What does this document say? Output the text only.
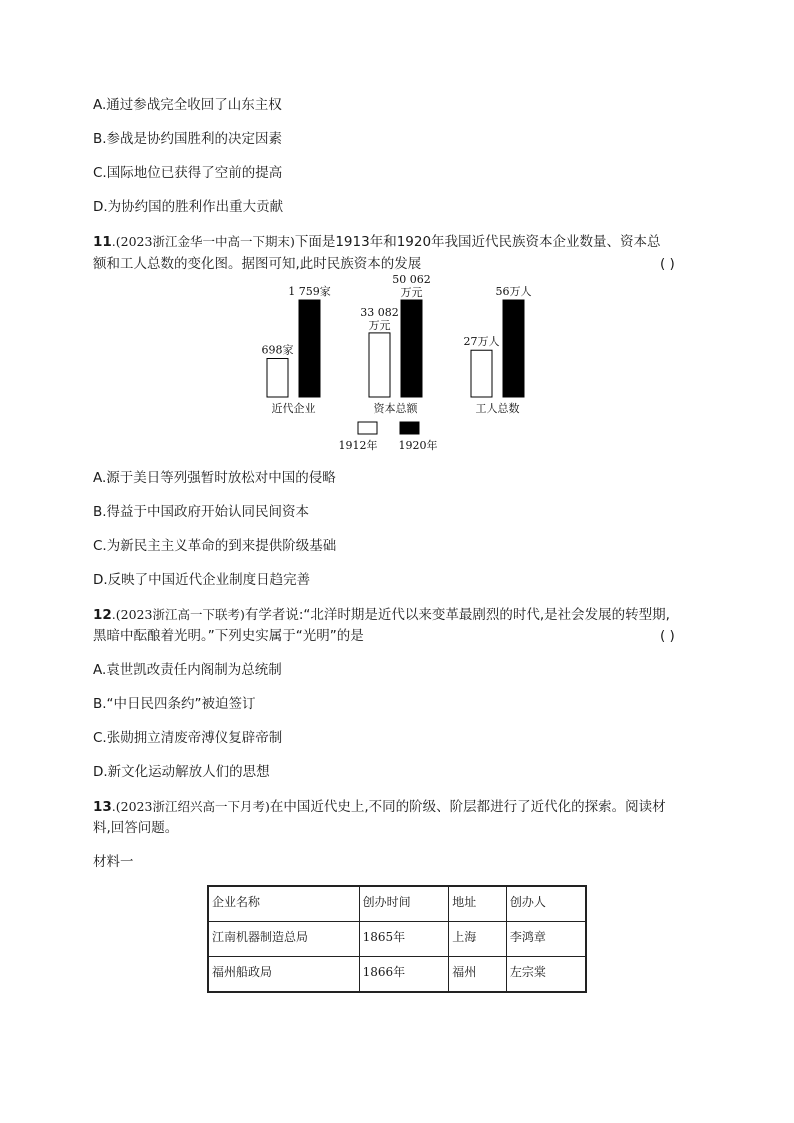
A.通过参战完全收回了山东主权
B.参战是协约国胜利的决定因素
C.国际地位已获得了空前的提高
D.为协约国的胜利作出重大贡献
11.(2023浙江金华一中高一下期末)下面是1913年和1920年我国近代民族资本企业数量、资本总
额和工人总数的变化图。据图可知,此时民族资本的发展	( )
698家
1 759家
近代企业
33 082
万元
50 062
万元
资本总额
27万人
56万人
工人总数
1912年 1920年
A.源于美日等列强暂时放松对中国的侵略
B.得益于中国政府开始认同民间资本
C.为新民主主义革命的到来提供阶级基础
D.反映了中国近代企业制度日趋完善
12.(2023浙江高一下联考)有学者说:“北洋时期是近代以来变革最剧烈的时代,是社会发展的转型期,
黑暗中酝酿着光明。”下列史实属于“光明”的是	( )
A.袁世凯改责任内阁制为总统制
B.“中日民四条约”被迫签订
C.张勋拥立清废帝溥仪复辟帝制
D.新文化运动解放人们的思想
13.(2023浙江绍兴高一下月考)在中国近代史上,不同的阶级、阶层都进行了近代化的探索。阅读材
料,回答问题。
材料一
企业名称	创办时间	地址	创办人
江南机器制造总局	1865年	上海	李鸿章
福州船政局	1866年	福州	左宗棠
